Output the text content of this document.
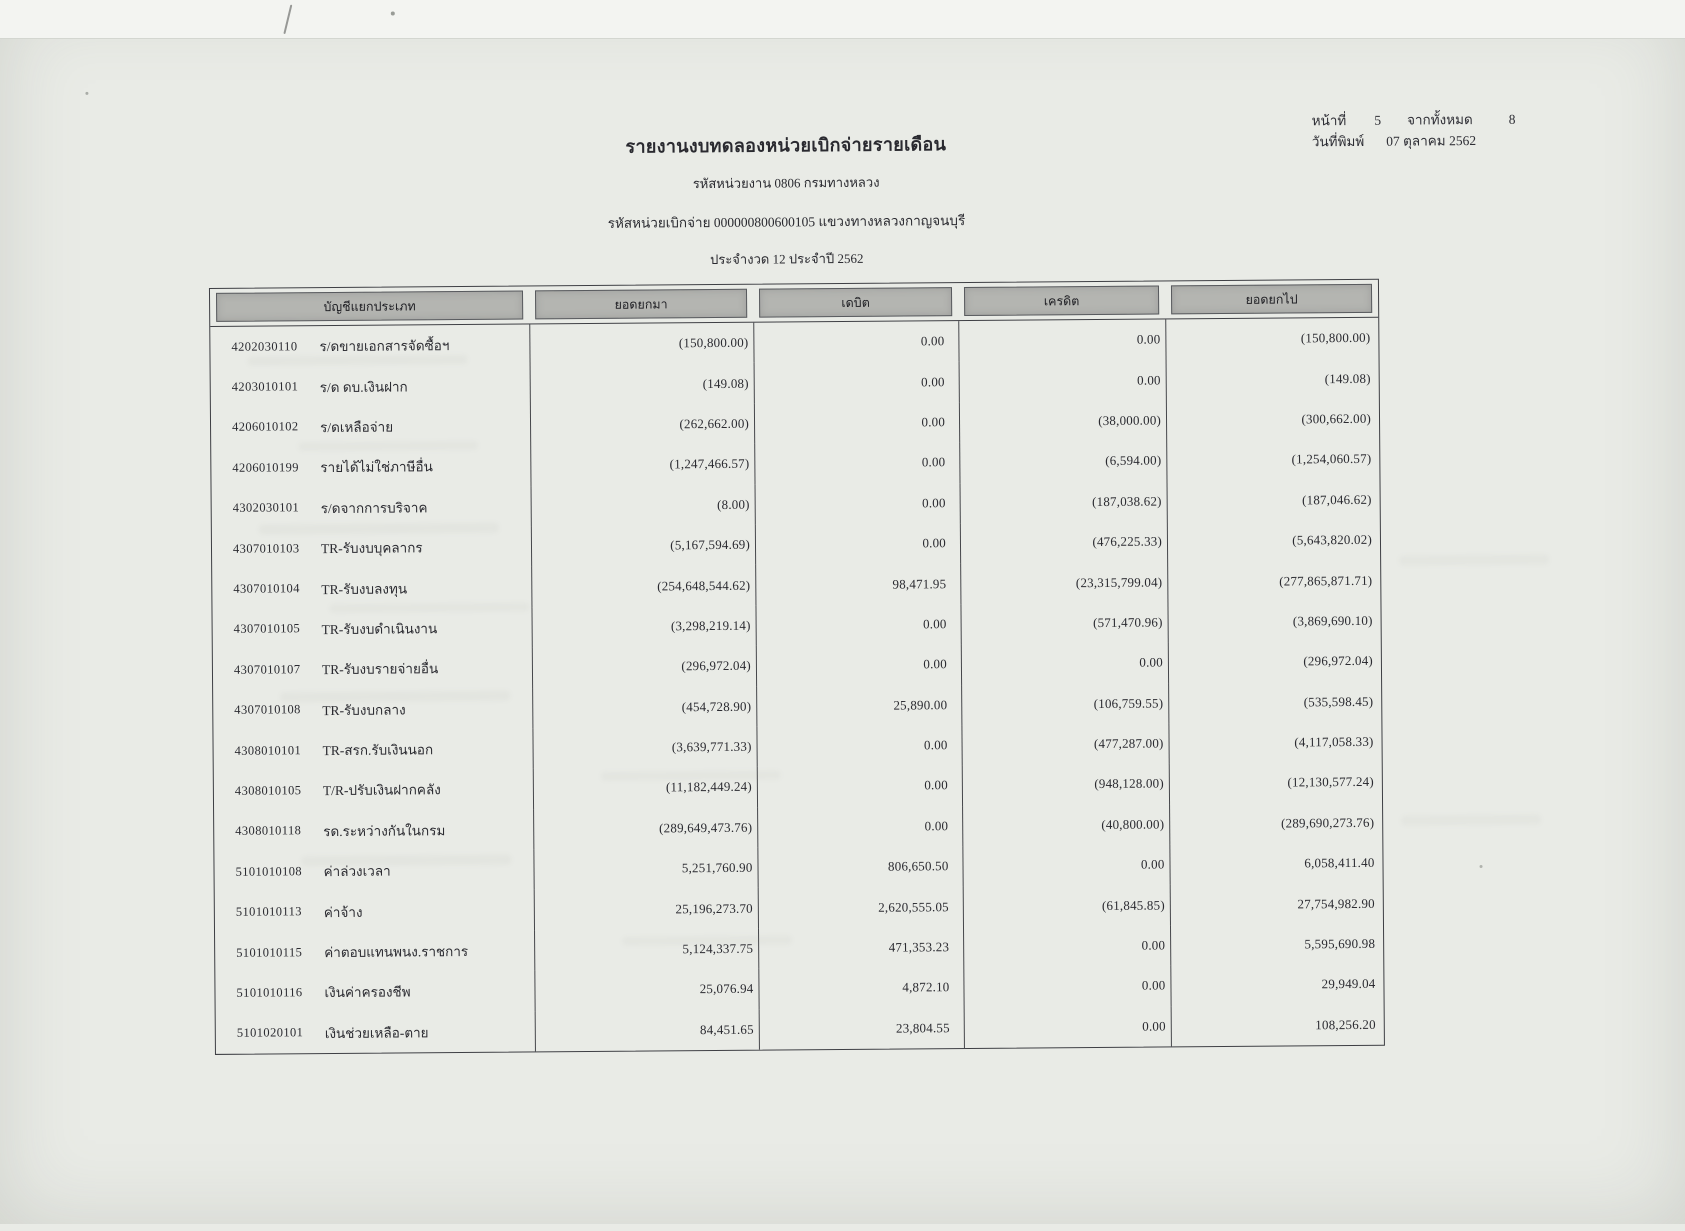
หน้าที่ 5 จากทั้งหมด	8
วันที่พิมพ์ 07 ตุลาคม 2562
รายงานงบทดลองหน่วยเบิกจ่ายรายเดือน
รหัสหน่วยงาน 0806 กรมทางหลวง
รหัสหน่วยเบิกจ่าย 000000800600105 แขวงทางหลวงกาญจนบุรี
ประจำงวด 12 ประจำปี 2562
บัญชีแยกประเภท	ยอดยกมา	เดบิต	เครดิต	ยอดยกไป
4202030110	ร/ดขายเอกสารจัดซื้อฯ	(150,800.00)	0.00	0.00	(150,800.00)
4203010101	ร/ด ดบ.เงินฝาก	(149.08)	0.00	0.00	(149.08)
4206010102	ร/ดเหลือจ่าย	(262,662.00)	0.00	(38,000.00)	(300,662.00)
4206010199	รายได้ไม่ใช่ภาษีอื่น	(1,247,466.57)	0.00	(6,594.00)	(1,254,060.57)
4302030101	ร/ดจากการบริจาค	(8.00)	0.00	(187,038.62)	(187,046.62)
4307010103	TR-รับงบบุคลากร	(5,167,594.69)	0.00	(476,225.33)	(5,643,820.02)
4307010104	TR-รับงบลงทุน	(254,648,544.62)	98,471.95	(23,315,799.04)	(277,865,871.71)
4307010105	TR-รับงบดำเนินงาน	(3,298,219.14)	0.00	(571,470.96)	(3,869,690.10)
4307010107	TR-รับงบรายจ่ายอื่น	(296,972.04)	0.00	0.00	(296,972.04)
4307010108	TR-รับงบกลาง	(454,728.90)	25,890.00	(106,759.55)	(535,598.45)
4308010101	TR-สรก.รับเงินนอก	(3,639,771.33)	0.00	(477,287.00)	(4,117,058.33)
4308010105	T/R-ปรับเงินฝากคลัง	(11,182,449.24)	0.00	(948,128.00)	(12,130,577.24)
4308010118	รด.ระหว่างกันในกรม	(289,649,473.76)	0.00	(40,800.00)	(289,690,273.76)
5101010108	ค่าล่วงเวลา	5,251,760.90	806,650.50	0.00	6,058,411.40
5101010113	ค่าจ้าง	25,196,273.70	2,620,555.05	(61,845.85)	27,754,982.90
5101010115	ค่าตอบแทนพนง.ราชการ	5,124,337.75	471,353.23	0.00	5,595,690.98
5101010116	เงินค่าครองชีพ	25,076.94	4,872.10	0.00	29,949.04
5101020101	เงินช่วยเหลือ-ตาย	84,451.65	23,804.55	0.00	108,256.20
